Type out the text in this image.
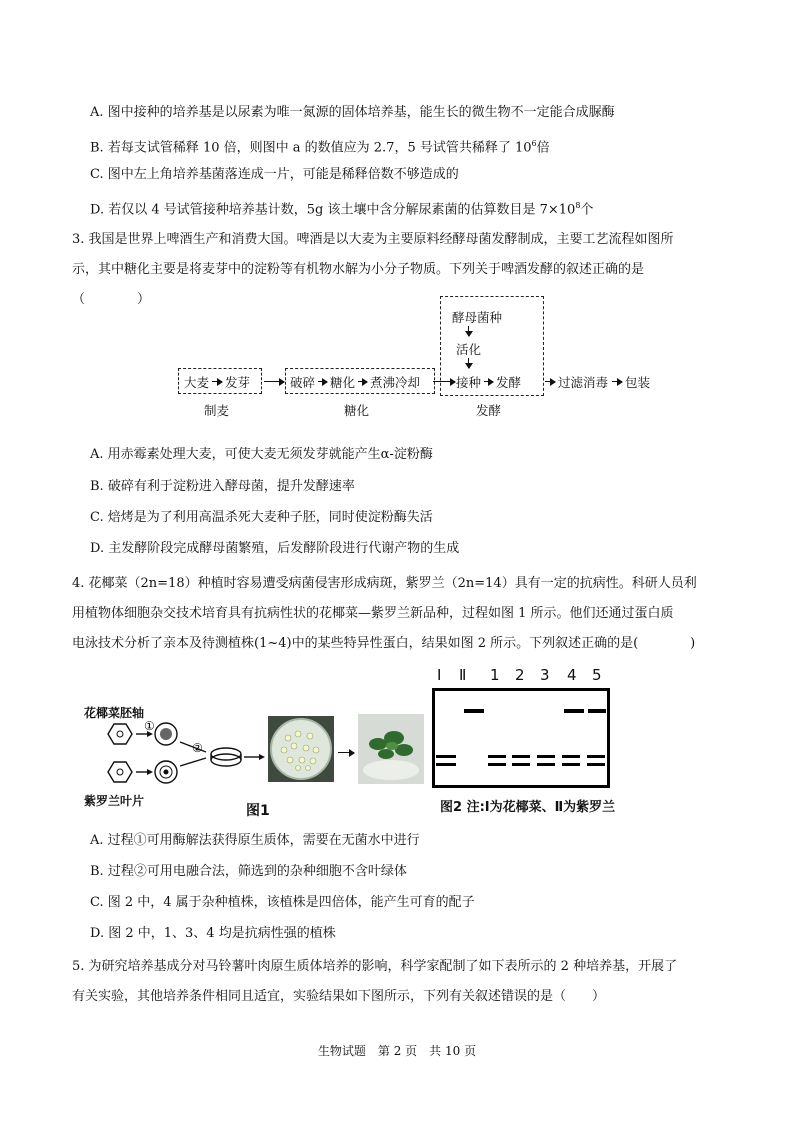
A. 图中接种的培养基是以尿素为唯一氮源的固体培养基，能生长的微生物不一定能合成脲酶
B. 若每支试管稀释 10 倍，则图中 a 的数值应为 2.7，5 号试管共稀释了 $10^6$倍
C. 图中左上角培养基菌落连成一片，可能是稀释倍数不够造成的
D. 若仅以 4 号试管接种培养基计数，5g 该土壤中含分解尿素菌的估算数目是 $7\times 10^8$个
3. 我国是世界上啤酒生产和消费大国。啤酒是以大麦为主要原料经酵母菌发酵制成，主要工艺流程如图所
示，其中糖化主要是将麦芽中的淀粉等有机物水解为小分子物质。下列关于啤酒发酵的叙述正确的是
（　　　　）
酵母菌种
活化
大麦 发芽	破碎 糖化 煮沸冷却	接种 发酵	过滤消毒 包装
制麦	糖化	发酵
A. 用赤霉素处理大麦，可使大麦无须发芽就能产生α-淀粉酶
B. 破碎有利于淀粉进入酵母菌，提升发酵速率
C. 焙烤是为了利用高温杀死大麦种子胚，同时使淀粉酶失活
D. 主发酵阶段完成酵母菌繁殖，后发酵阶段进行代谢产物的生成
4. 花椰菜（2n=18）种植时容易遭受病菌侵害形成病斑，紫罗兰（2n=14）具有一定的抗病性。科研人员利
用植物体细胞杂交技术培育具有抗病性状的花椰菜—紫罗兰新品种，过程如图 1 所示。他们还通过蛋白质
电泳技术分析了亲本及待测植株(1~4)中的某些特异性蛋白，结果如图 2 所示。下列叙述正确的是(　　　　)
花椰菜胚轴
紫罗兰叶片
①
②
图1
Ⅰ Ⅱ 1 2 3 4 5
图2 注:Ⅰ为花椰菜、Ⅱ为紫罗兰
A. 过程①可用酶解法获得原生质体，需要在无菌水中进行
B. 过程②可用电融合法，筛选到的杂种细胞不含叶绿体
C. 图 2 中，4 属于杂种植株，该植株是四倍体，能产生可育的配子
D. 图 2 中，1、3、4 均是抗病性强的植株
5. 为研究培养基成分对马铃薯叶肉原生质体培养的影响，科学家配制了如下表所示的 2 种培养基，开展了
有关实验，其他培养条件相同且适宜，实验结果如下图所示，下列有关叙述错误的是（　　）
生物试题　第 2 页　共 10 页
